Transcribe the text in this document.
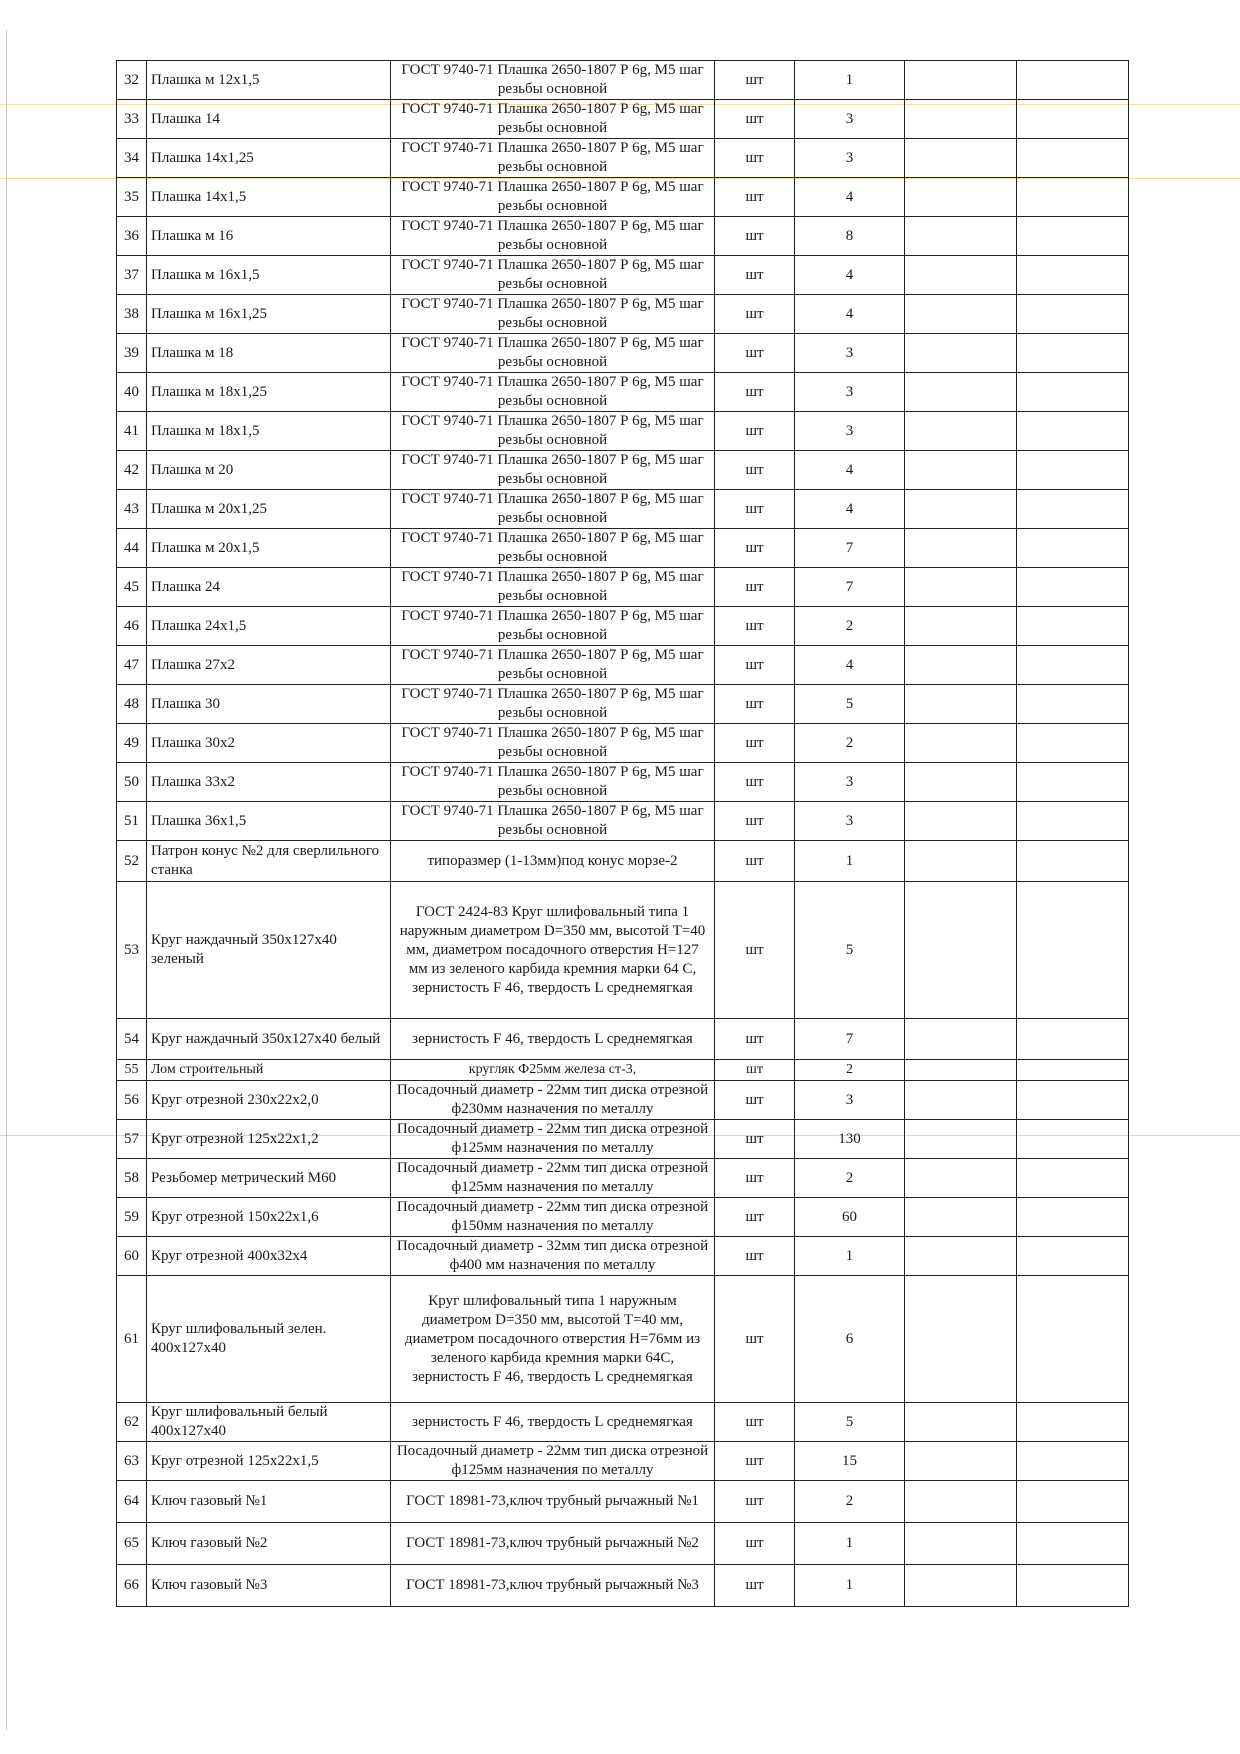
32	Плашка м 12х1,5	ГОСТ 9740-71 Плашка 2650-1807 Р 6g, М5 шаг резьбы основной	шт	1		
33	Плашка 14	ГОСТ 9740-71 Плашка 2650-1807 Р 6g, М5 шаг резьбы основной	шт	3		
34	Плашка 14х1,25	ГОСТ 9740-71 Плашка 2650-1807 Р 6g, М5 шаг резьбы основной	шт	3		
35	Плашка 14х1,5	ГОСТ 9740-71 Плашка 2650-1807 Р 6g, М5 шаг резьбы основной	шт	4		
36	Плашка м 16	ГОСТ 9740-71 Плашка 2650-1807 Р 6g, М5 шаг резьбы основной	шт	8		
37	Плашка м 16х1,5	ГОСТ 9740-71 Плашка 2650-1807 Р 6g, М5 шаг резьбы основной	шт	4		
38	Плашка м 16х1,25	ГОСТ 9740-71 Плашка 2650-1807 Р 6g, М5 шаг резьбы основной	шт	4		
39	Плашка м 18	ГОСТ 9740-71 Плашка 2650-1807 Р 6g, М5 шаг резьбы основной	шт	3		
40	Плашка м 18х1,25	ГОСТ 9740-71 Плашка 2650-1807 Р 6g, М5 шаг резьбы основной	шт	3		
41	Плашка м 18х1,5	ГОСТ 9740-71 Плашка 2650-1807 Р 6g, М5 шаг резьбы основной	шт	3		
42	Плашка м 20	ГОСТ 9740-71 Плашка 2650-1807 Р 6g, М5 шаг резьбы основной	шт	4		
43	Плашка м 20х1,25	ГОСТ 9740-71 Плашка 2650-1807 Р 6g, М5 шаг резьбы основной	шт	4		
44	Плашка м 20х1,5	ГОСТ 9740-71 Плашка 2650-1807 Р 6g, М5 шаг резьбы основной	шт	7		
45	Плашка 24	ГОСТ 9740-71 Плашка 2650-1807 Р 6g, М5 шаг резьбы основной	шт	7		
46	Плашка 24х1,5	ГОСТ 9740-71 Плашка 2650-1807 Р 6g, М5 шаг резьбы основной	шт	2		
47	Плашка 27х2	ГОСТ 9740-71 Плашка 2650-1807 Р 6g, М5 шаг резьбы основной	шт	4		
48	Плашка 30	ГОСТ 9740-71 Плашка 2650-1807 Р 6g, М5 шаг резьбы основной	шт	5		
49	Плашка 30х2	ГОСТ 9740-71 Плашка 2650-1807 Р 6g, М5 шаг резьбы основной	шт	2		
50	Плашка 33х2	ГОСТ 9740-71 Плашка 2650-1807 Р 6g, М5 шаг резьбы основной	шт	3		
51	Плашка 36х1,5	ГОСТ 9740-71 Плашка 2650-1807 Р 6g, М5 шаг резьбы основной	шт	3		
52	Патрон конус №2 для сверлильного станка	типоразмер (1-13мм)под конус морзе-2	шт	1		
53	Круг наждачный 350х127х40 зеленый	ГОСТ 2424-83 Круг шлифовальный типа 1 наружным диаметром D=350 мм, высотой Т=40 мм, диаметром посадочного отверстия Н=127 мм из зеленого карбида кремния марки 64 С, зернистость F 46, твердость L среднемягкая	шт	5		
54	Круг наждачный 350х127х40 белый	зернистость F 46, твердость L среднемягкая	шт	7		
55	Лом строительный	кругляк Ф25мм железа ст-3,	шт	2		
56	Круг отрезной 230х22х2,0	Посадочный диаметр - 22мм тип диска отрезной ф230мм назначения по металлу	шт	3		
57	Круг отрезной 125х22х1,2	Посадочный диаметр - 22мм тип диска отрезной ф125мм назначения по металлу	шт	130		
58	Резьбомер метрический М60	Посадочный диаметр - 22мм тип диска отрезной ф125мм назначения по металлу	шт	2		
59	Круг отрезной 150х22х1,6	Посадочный диаметр - 22мм тип диска отрезной ф150мм назначения по металлу	шт	60		
60	Круг отрезной 400х32х4	Посадочный диаметр - 32мм тип диска отрезной ф400 мм назначения по металлу	шт	1		
61	Круг шлифовальный зелен. 400х127х40	Круг шлифовальный типа 1 наружным диаметром D=350 мм, высотой Т=40 мм, диаметром посадочного отверстия Н=76мм из зеленого карбида кремния марки 64С, зернистость F 46, твердость L среднемягкая	шт	6		
62	Круг шлифовальный белый 400х127х40	зернистость F 46, твердость L среднемягкая	шт	5		
63	Круг отрезной 125х22х1,5	Посадочный диаметр - 22мм тип диска отрезной ф125мм назначения по металлу	шт	15		
64	Ключ газовый №1	ГОСТ 18981-73,ключ трубный рычажный №1	шт	2		
65	Ключ газовый №2	ГОСТ 18981-73,ключ трубный рычажный №2	шт	1		
66	Ключ газовый №3	ГОСТ 18981-73,ключ трубный рычажный №3	шт	1		
